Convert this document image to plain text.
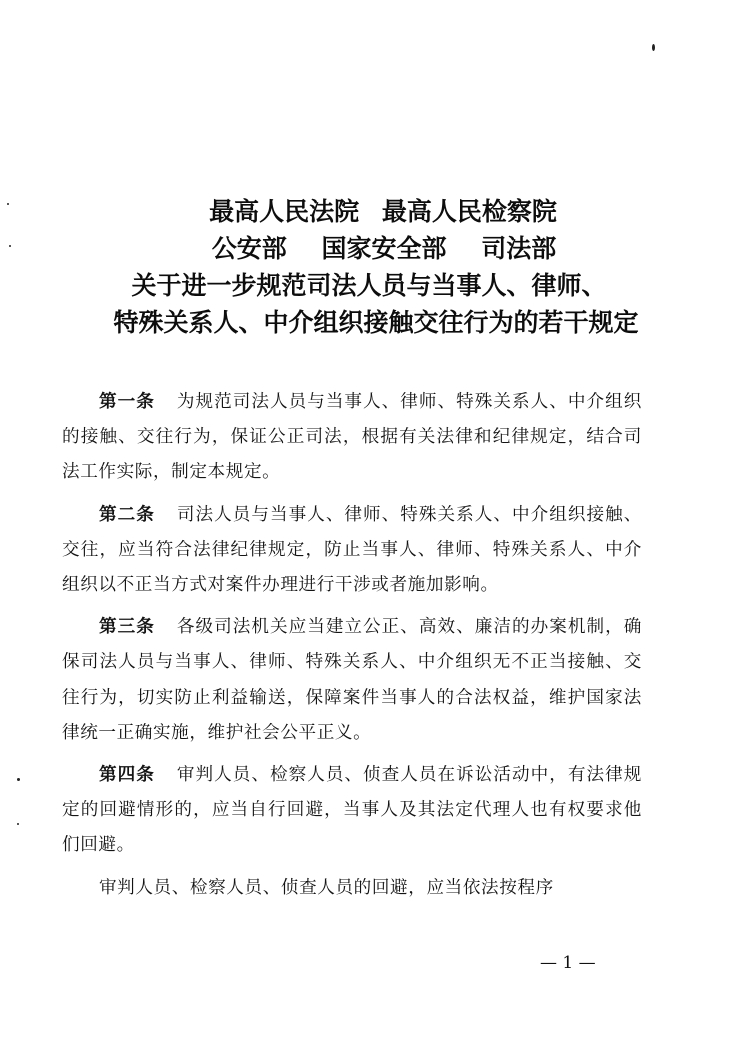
最高人民法院 最高人民检察院
公安部 国家安全部 司法部
关于进一步规范司法人员与当事人、律师、
特殊关系人、中介组织接触交往行为的若干规定

第一条 为规范司法人员与当事人、律师、特殊关系人、中介组织的接触、交往行为，保证公正司法，根据有关法律和纪律规定，结合司法工作实际，制定本规定。

第二条 司法人员与当事人、律师、特殊关系人、中介组织接触、交往，应当符合法律纪律规定，防止当事人、律师、特殊关系人、中介组织以不正当方式对案件办理进行干涉或者施加影响。

第三条 各级司法机关应当建立公正、高效、廉洁的办案机制，确保司法人员与当事人、律师、特殊关系人、中介组织无不正当接触、交往行为，切实防止利益输送，保障案件当事人的合法权益，维护国家法律统一正确实施，维护社会公平正义。

第四条 审判人员、检察人员、侦查人员在诉讼活动中，有法律规定的回避情形的，应当自行回避，当事人及其法定代理人也有权要求他们回避。

审判人员、检察人员、侦查人员的回避，应当依法按程序

— 1 —
